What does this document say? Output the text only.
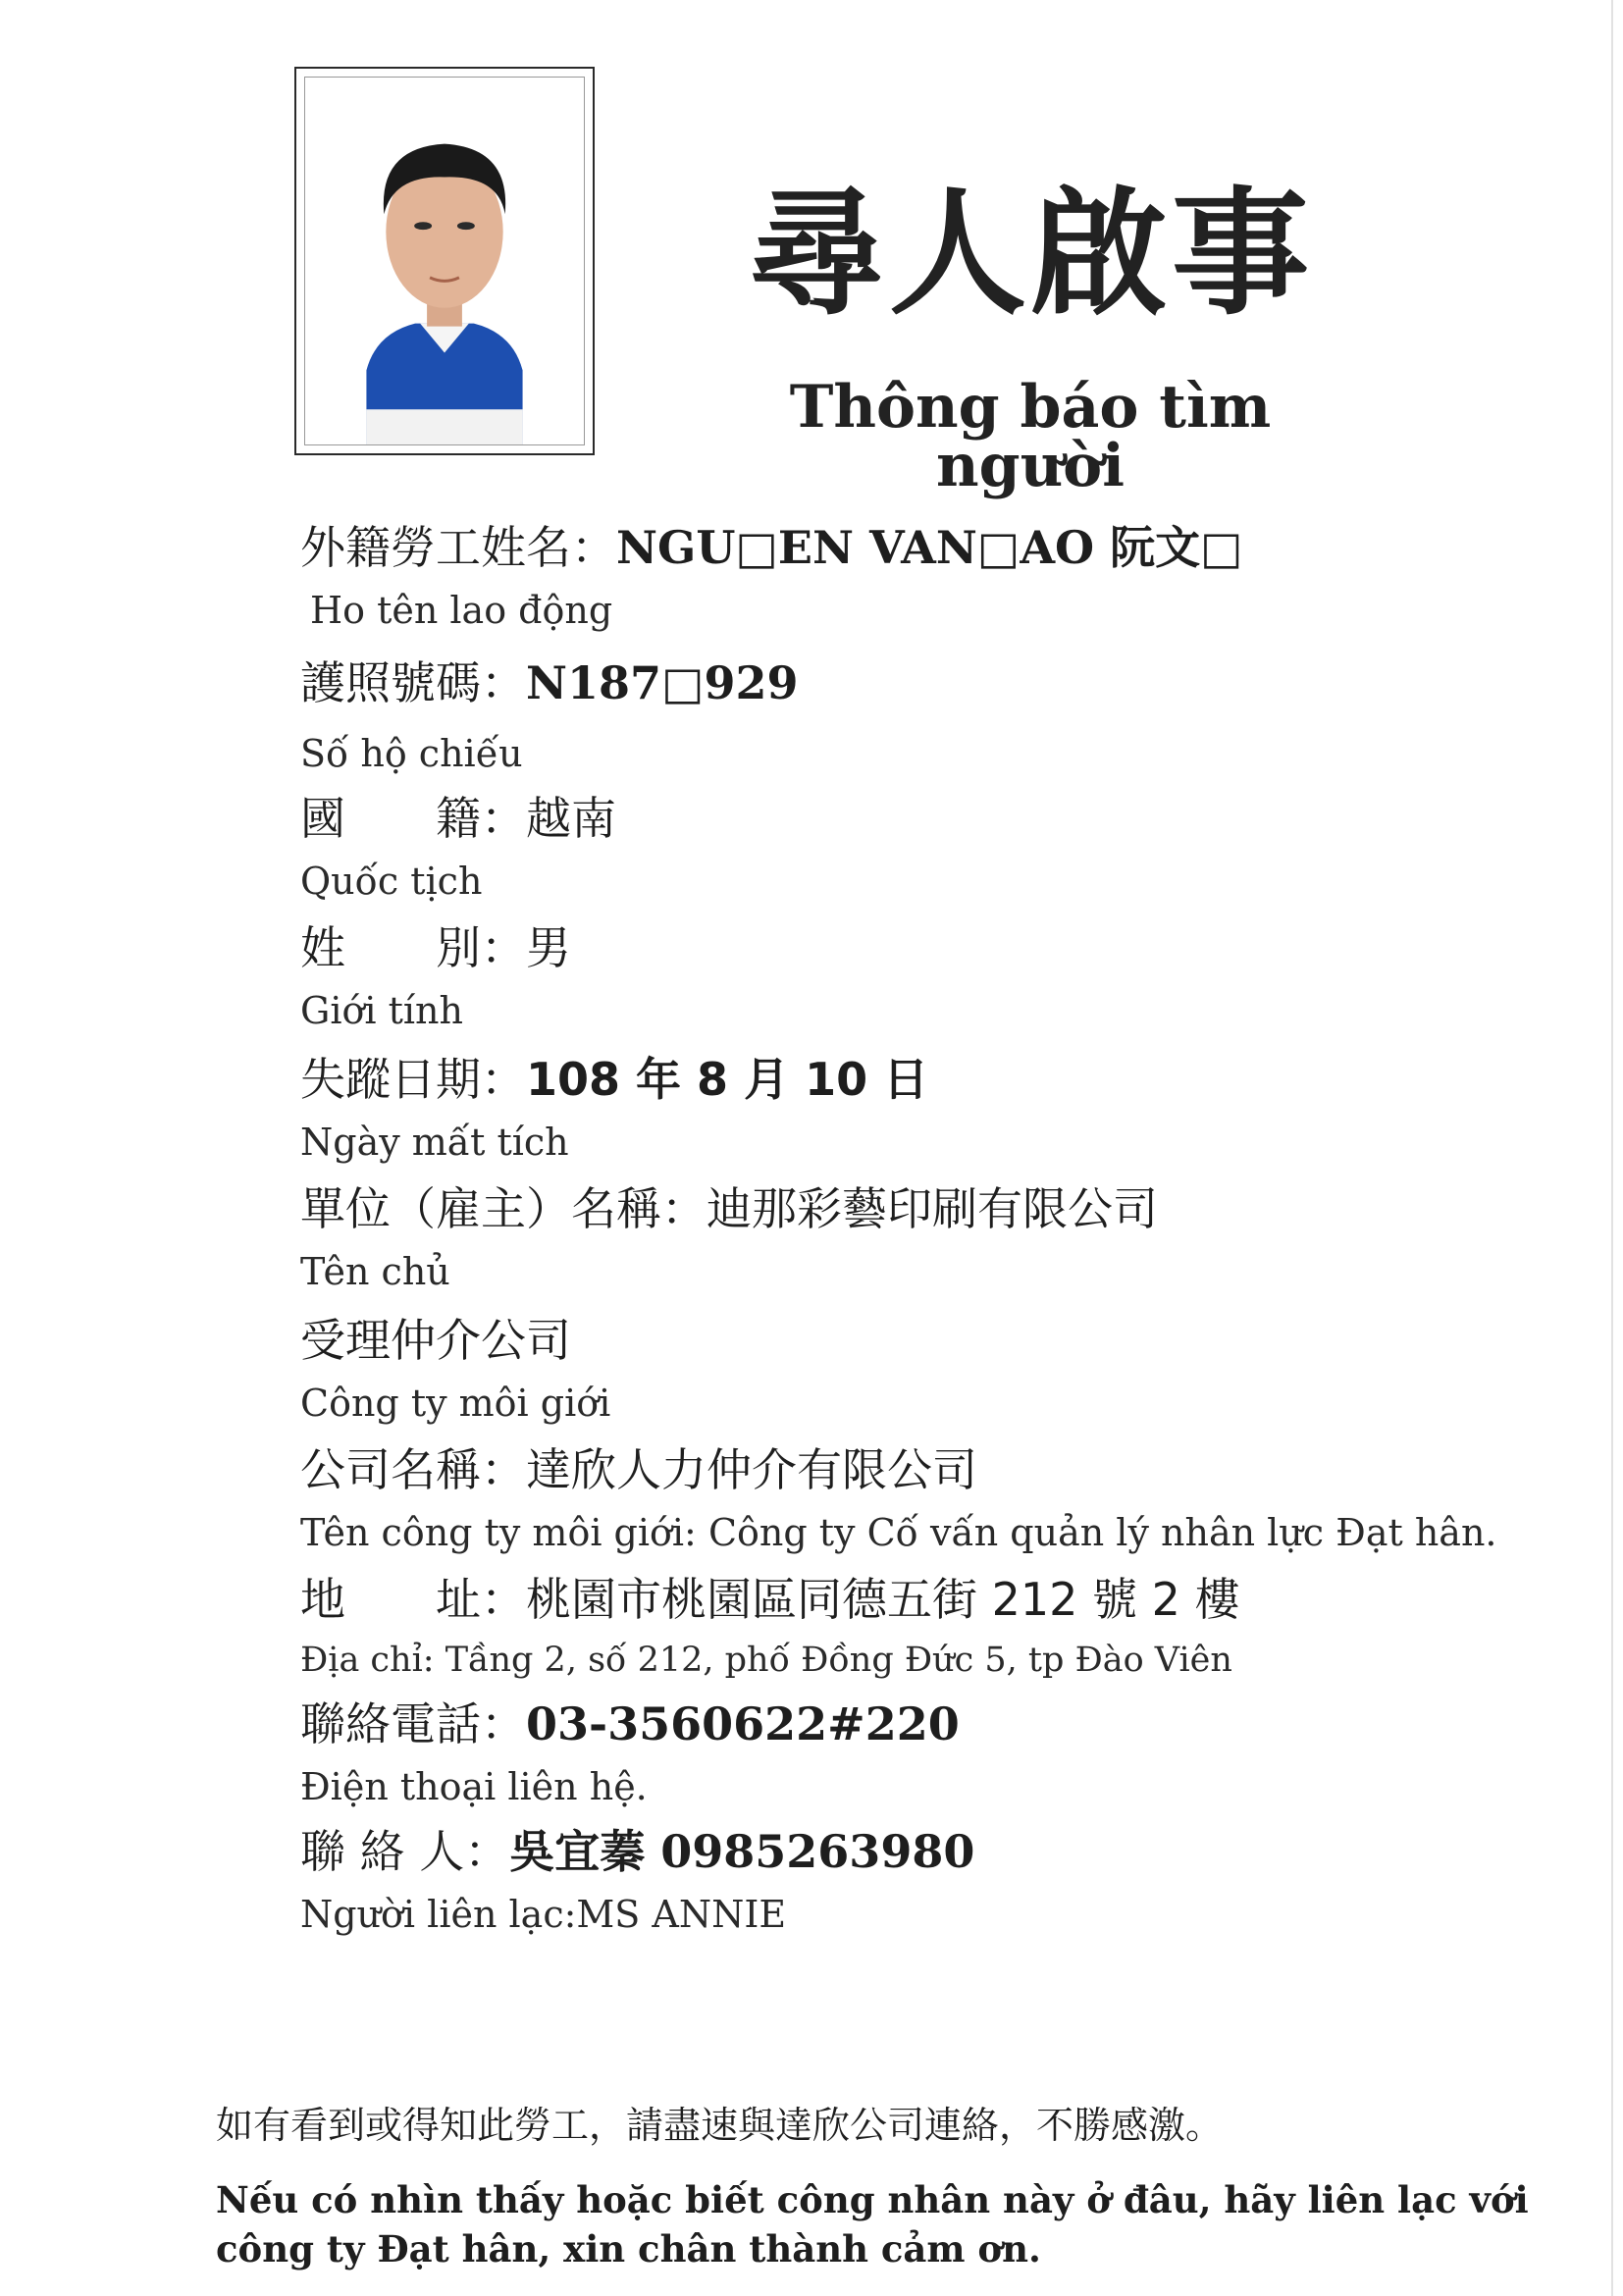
尋人啟事
Thông báo tìm người
外籍勞工姓名：NGU□EN VAN□AO 阮文□
Ho tên lao động
護照號碼：N187□929
Số hộ chiếu
國　　籍：越南
Quốc tịch
姓　　別：男
Giới tính
失蹤日期：108 年 8 月 10 日
Ngày mất tích
單位（雇主）名稱：迪那彩藝印刷有限公司
Tên chủ
受理仲介公司
Công ty môi giới
公司名稱：達欣人力仲介有限公司
Tên công ty môi giới: Công ty Cố vấn quản lý nhân lực Đạt hân.
地　　址：桃園市桃園區同德五街 212 號 2 樓
Địa chỉ: Tầng 2, số 212, phố Đồng Đức 5, tp Đào Viên
聯絡電話：03-3560622#220
Điện thoại liên hệ.
聯 絡 人：吳宜蓁 0985263980
Người liên lạc:MS ANNIE

如有看到或得知此勞工，請盡速與達欣公司連絡，不勝感激。

Nếu có nhìn thấy hoặc biết công nhân này ở đâu, hãy liên lạc với

công ty Đạt hân, xin chân thành cảm ơn.
